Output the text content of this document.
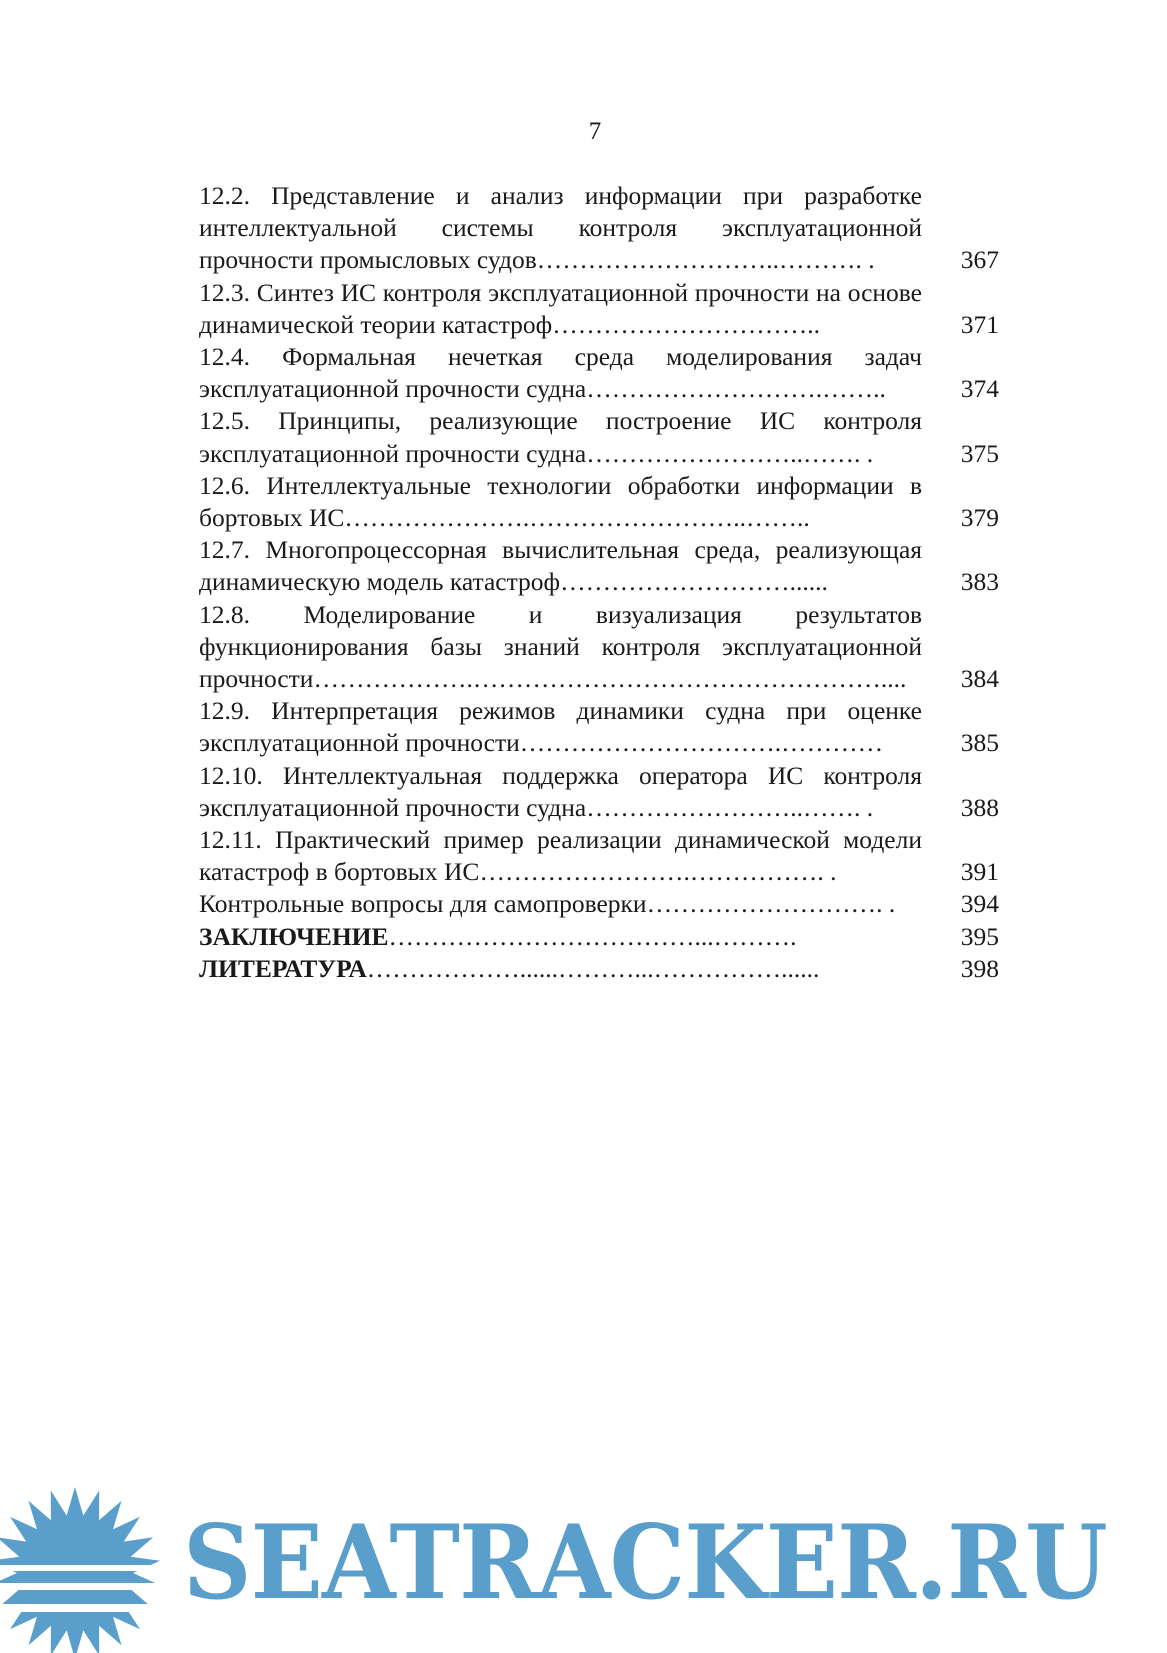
7
12.2. Представление и анализ информации при разработке интеллектуальной системы контроля эксплуатационной прочности промысловых судов………………………..………. .	367
12.3. Синтез ИС контроля эксплуатационной прочности на основе динамической теории катастроф…………………………..	371
12.4. Формальная нечеткая среда моделирования задач эксплуатационной прочности судна……………………….……..	374
12.5. Принципы, реализующие построение ИС контроля эксплуатационной прочности судна……………………..……. .	375
12.6. Интеллектуальные технологии обработки информации в бортовых ИС………………….……………………..……..	379
12.7. Многопроцессорная вычислительная среда, реализующая динамическую модель катастроф………………………......	383
12.8. Моделирование и визуализация результатов функционирования базы знаний контроля эксплуатационной прочности……………….…………………………………………....	384
12.9. Интерпретация режимов динамики судна при оценке эксплуатационной прочности………………………….…………	385
12.10. Интеллектуальная поддержка оператора ИС контроля эксплуатационной прочности судна……………………..……. .	388
12.11. Практический пример реализации динамической модели катастроф в бортовых ИС…………………….……………. .	391
Контрольные вопросы для самопроверки………………………. .	394
ЗАКЛЮЧЕНИЕ………………………………...……….	395
ЛИТЕРАТУРА………………......………...……………......	398
SEATRACKER.RU
